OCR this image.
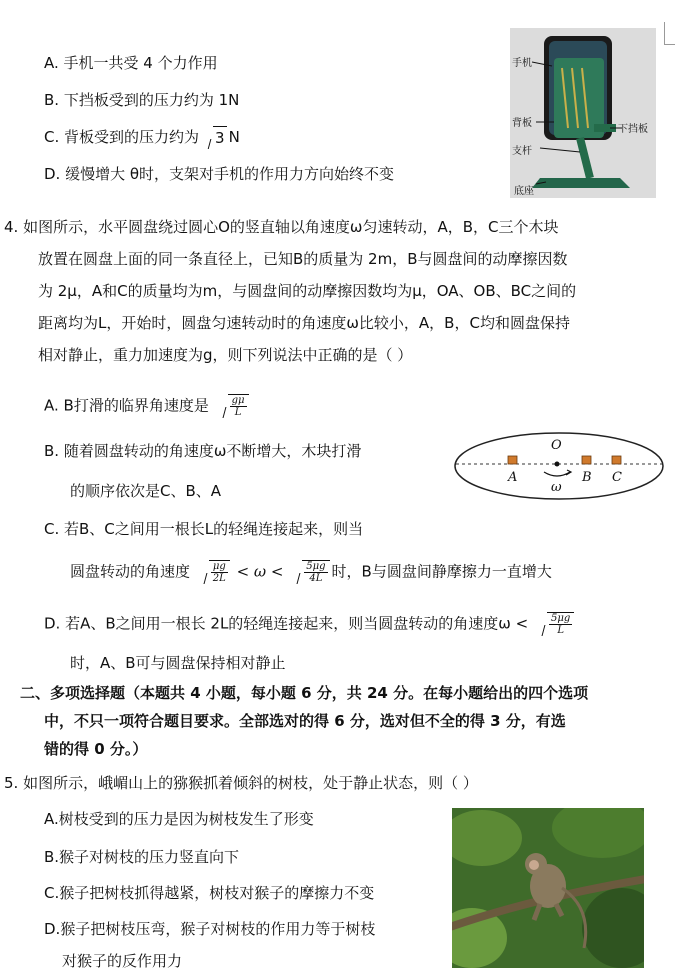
A. 手机一共受 4 个力作用
B. 下挡板受到的压力约为 1N
C. 背板受到的压力约为 3 N
D. 缓慢增大 θ时，支架对手机的作用力方向始终不变
手机
背板
下挡板
支杆
底座
4. 如图所示，水平圆盘绕过圆心O的竖直轴以角速度ω匀速转动，A，B，C三个木块
放置在圆盘上面的同一条直径上，已知B的质量为 2m，B与圆盘间的动摩擦因数
为 2μ，A和C的质量均为m，与圆盘间的动摩擦因数均为μ，OA、OB、BC之间的
距离均为L，开始时，圆盘匀速转动时的角速度ω比较小，A，B，C均和圆盘保持
相对静止，重力加速度为g，则下列说法中正确的是（ ）
A. B打滑的临界角速度是 $\frac{g\mu}{L}$
B. 随着圆盘转动的角速度ω不断增大，木块打滑
的顺序依次是C、B、A
O
A	B C
ω
C. 若B、C之间用一根长L的轻绳连接起来，则当
圆盘转动的角速度 $\frac{\mu g}{2L} < \omega < \frac{5\mu g}{4L}$ 时，B与圆盘间静摩擦力一直增大
D. 若A、B之间用一根长 2L的轻绳连接起来，则当圆盘转动的角速度$\omega < \frac{5\mu g}{L}$
时，A、B可与圆盘保持相对静止
二、多项选择题（本题共 4 小题，每小题 6 分，共 24 分。在每小题给出的四个选项
中，不只一项符合题目要求。全部选对的得 6 分，选对但不全的得 3 分，有选
错的得 0 分。）
5. 如图所示，峨嵋山上的猕猴抓着倾斜的树枝，处于静止状态，则（ ）
A.树枝受到的压力是因为树枝发生了形变
B.猴子对树枝的压力竖直向下
C.猴子把树枝抓得越紧，树枝对猴子的摩擦力不变
D.猴子把树枝压弯，猴子对树枝的作用力等于树枝
对猴子的反作用力
